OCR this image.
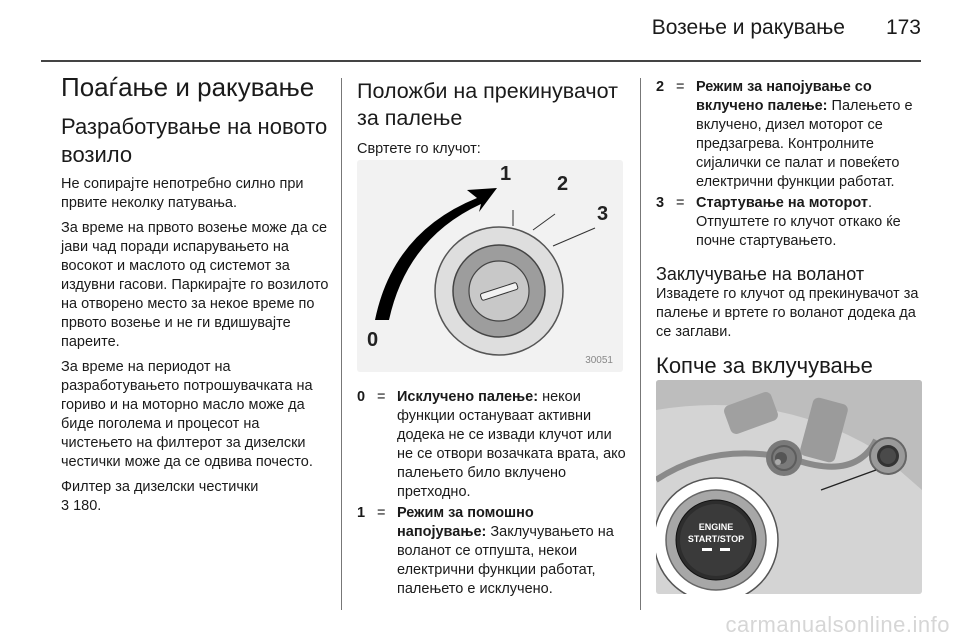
Возење и ракување 173
Поаѓање и ракување
Разработување на новото возило

Не сопирајте непотребно силно при првите неколку патувања.

За време на првото возење може да се јави чад поради испарувањето на восокот и маслото од системот за издувни гасови. Паркирајте го возилото на отворено место за некое време по првото возење и не ги вдишувајте пареите.

За време на периодот на разработувањето потрошувачката на гориво и на моторно масло може да биде поголема и процесот на чистењето на филтерот за дизелски честички може да се одвива почесто.

Филтер за дизелски честички

3 180.

Положби на прекинувачот за палење

Свртете го клучот:

0
1 2
3
30051
0 = Исклучено палење: некои функции остануваат активни додека не се извади клучот или не се отвори возачката врата, ако палењето било вклучено претходно.
1 = Режим за помошно напојување: Заклучувањето на воланот се отпушта, некои електрични функции работат, палењето е исклучено.
2 = Режим за напојување со вклучено палење: Палењето е вклучено, дизел моторот се предзагрева. Контролните сијалички се палат и повеќето електрични функции работат.
3 = Стартување на моторот. Отпуштете го клучот откако ќе почне стартувањето.
Заклучување на воланот

Извадете го клучот од прекинувачот за палење и вртете го воланот додека да се заглави.

Копче за вклучување
ENGINE
START/STOP
carmanualsonline.info
